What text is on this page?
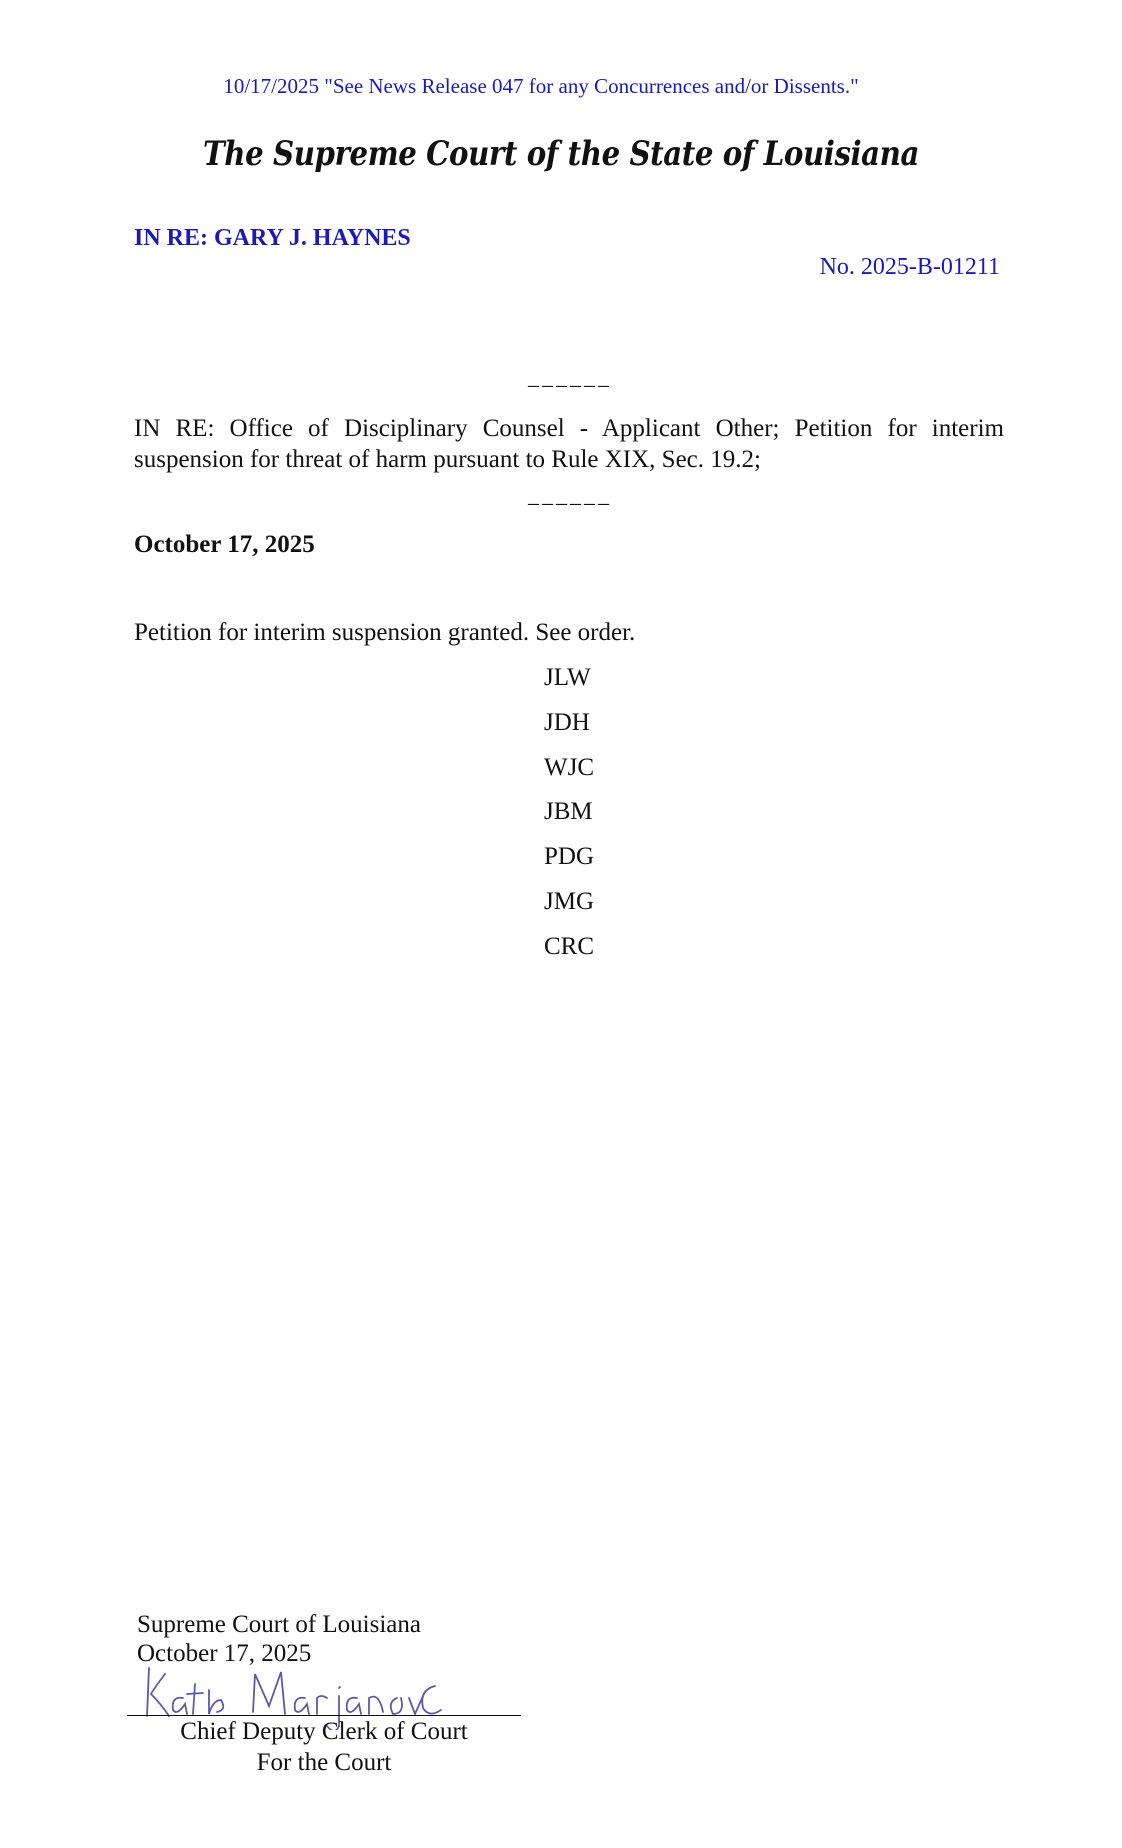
10/17/2025 "See News Release 047 for any Concurrences and/or Dissents."
The Supreme Court of the State of Louisiana
IN RE: GARY J. HAYNES
No. 2025-B-01211
______
IN RE: Office of Disciplinary Counsel - Applicant Other; Petition for interim suspension for threat of harm pursuant to Rule XIX, Sec. 19.2;
______
October 17, 2025
Petition for interim suspension granted. See order.
JLW
JDH
WJC
JBM
PDG
JMG
CRC
Supreme Court of Louisiana
October 17, 2025
Chief Deputy Clerk of Court
For the Court
